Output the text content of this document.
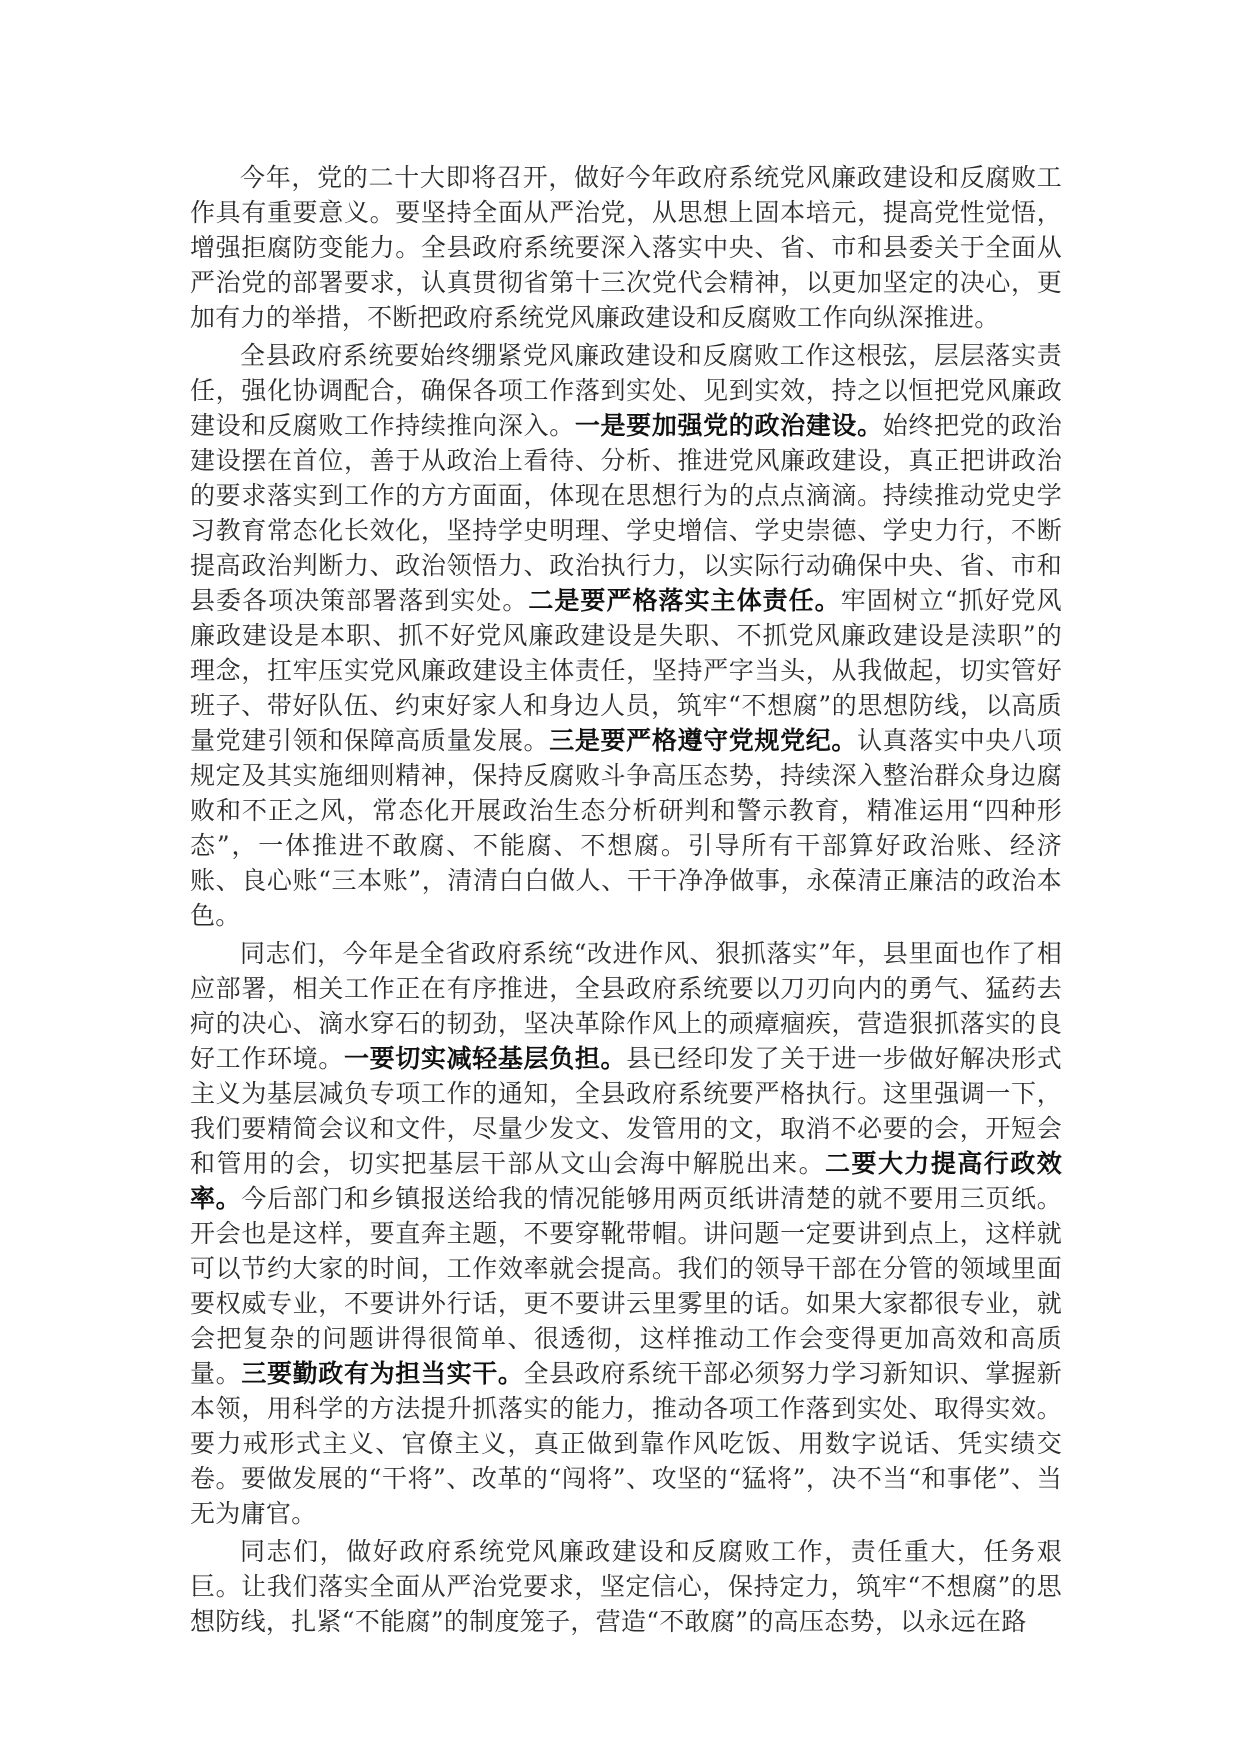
今年，党的二十大即将召开，做好今年政府系统党风廉政建设和反腐败工作具有重要意义。要坚持全面从严治党，从思想上固本培元，提高党性觉悟，增强拒腐防变能力。全县政府系统要深入落实中央、省、市和县委关于全面从严治党的部署要求，认真贯彻省第十三次党代会精神，以更加坚定的决心，更加有力的举措，不断把政府系统党风廉政建设和反腐败工作向纵深推进。

全县政府系统要始终绷紧党风廉政建设和反腐败工作这根弦，层层落实责任，强化协调配合，确保各项工作落到实处、见到实效，持之以恒把党风廉政建设和反腐败工作持续推向深入。一是要加强党的政治建设。始终把党的政治建设摆在首位，善于从政治上看待、分析、推进党风廉政建设，真正把讲政治的要求落实到工作的方方面面，体现在思想行为的点点滴滴。持续推动党史学习教育常态化长效化，坚持学史明理、学史增信、学史崇德、学史力行，不断提高政治判断力、政治领悟力、政治执行力，以实际行动确保中央、省、市和县委各项决策部署落到实处。二是要严格落实主体责任。牢固树立“抓好党风廉政建设是本职、抓不好党风廉政建设是失职、不抓党风廉政建设是渎职”的理念，扛牢压实党风廉政建设主体责任，坚持严字当头，从我做起，切实管好班子、带好队伍、约束好家人和身边人员，筑牢“不想腐”的思想防线，以高质量党建引领和保障高质量发展。三是要严格遵守党规党纪。认真落实中央八项规定及其实施细则精神，保持反腐败斗争高压态势，持续深入整治群众身边腐败和不正之风，常态化开展政治生态分析研判和警示教育，精准运用“四种形态”，一体推进不敢腐、不能腐、不想腐。引导所有干部算好政治账、经济账、良心账“三本账”，清清白白做人、干干净净做事，永葆清正廉洁的政治本色。

同志们，今年是全省政府系统“改进作风、狠抓落实”年，县里面也作了相应部署，相关工作正在有序推进，全县政府系统要以刀刃向内的勇气、猛药去疴的决心、滴水穿石的韧劲，坚决革除作风上的顽瘴痼疾，营造狠抓落实的良好工作环境。一要切实减轻基层负担。县已经印发了关于进一步做好解决形式主义为基层减负专项工作的通知，全县政府系统要严格执行。这里强调一下，我们要精简会议和文件，尽量少发文、发管用的文，取消不必要的会，开短会和管用的会，切实把基层干部从文山会海中解脱出来。二要大力提高行政效率。今后部门和乡镇报送给我的情况能够用两页纸讲清楚的就不要用三页纸。开会也是这样，要直奔主题，不要穿靴带帽。讲问题一定要讲到点上，这样就可以节约大家的时间，工作效率就会提高。我们的领导干部在分管的领域里面要权威专业，不要讲外行话，更不要讲云里雾里的话。如果大家都很专业，就会把复杂的问题讲得很简单、很透彻，这样推动工作会变得更加高效和高质量。三要勤政有为担当实干。全县政府系统干部必须努力学习新知识、掌握新本领，用科学的方法提升抓落实的能力，推动各项工作落到实处、取得实效。要力戒形式主义、官僚主义，真正做到靠作风吃饭、用数字说话、凭实绩交卷。要做发展的“干将”、改革的“闯将”、攻坚的“猛将”，决不当“和事佬”、当无为庸官。

同志们，做好政府系统党风廉政建设和反腐败工作，责任重大，任务艰巨。让我们落实全面从严治党要求，坚定信心，保持定力，筑牢“不想腐”的思想防线，扎紧“不能腐”的制度笼子，营造“不敢腐”的高压态势，以永远在路
